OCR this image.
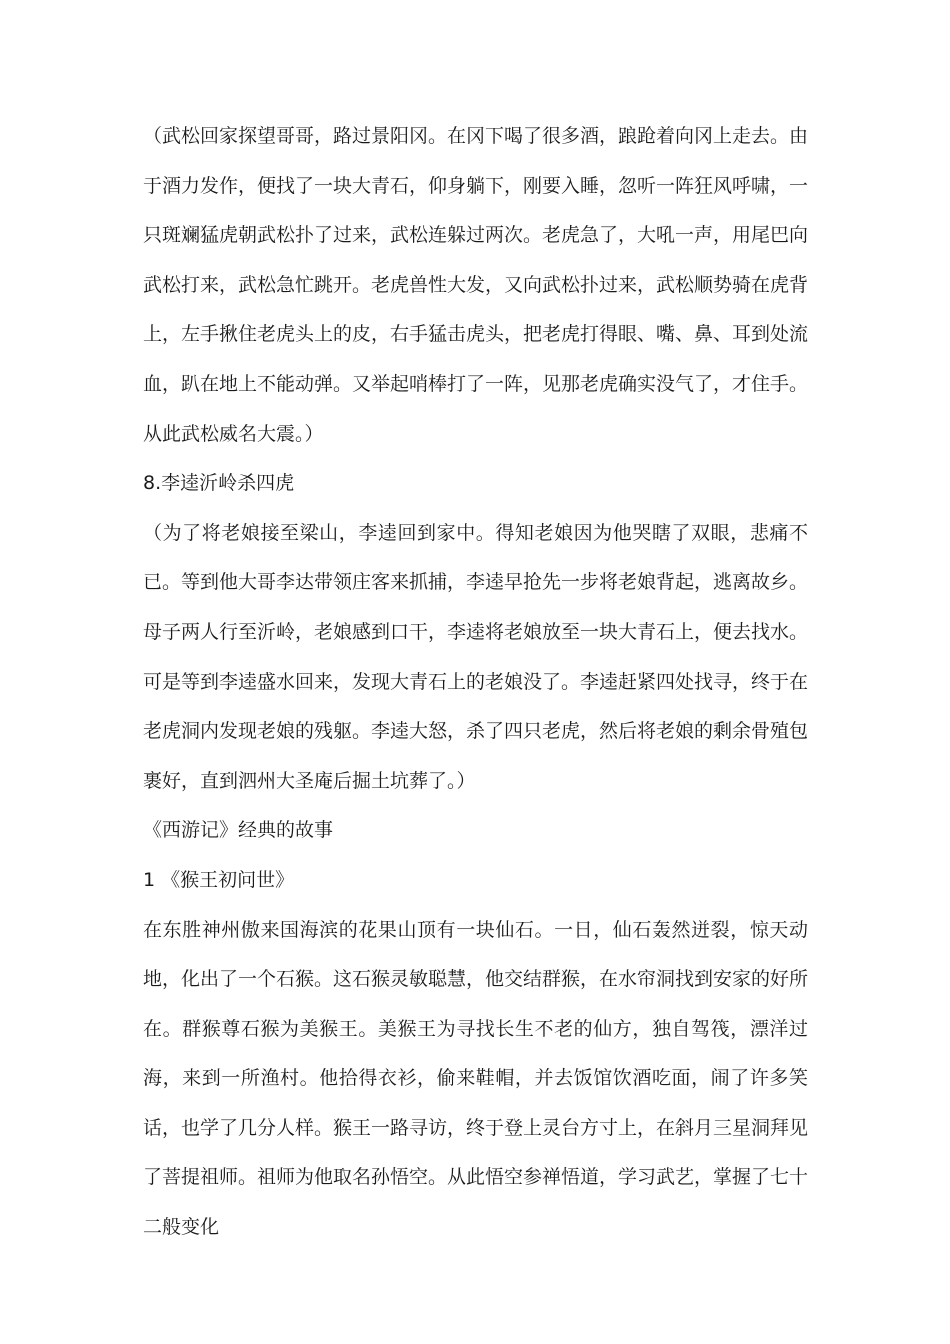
（武松回家探望哥哥，路过景阳冈。在冈下喝了很多酒，踉跄着向冈上走去。由于酒力发作，便找了一块大青石，仰身躺下，刚要入睡，忽听一阵狂风呼啸，一只斑斓猛虎朝武松扑了过来，武松连躲过两次。老虎急了，大吼一声，用尾巴向武松打来，武松急忙跳开。老虎兽性大发，又向武松扑过来，武松顺势骑在虎背上，左手揪住老虎头上的皮，右手猛击虎头，把老虎打得眼、嘴、鼻、耳到处流血，趴在地上不能动弹。又举起哨棒打了一阵，见那老虎确实没气了，才住手。从此武松威名大震。）

8.李逵沂岭杀四虎

（为了将老娘接至梁山，李逵回到家中。得知老娘因为他哭瞎了双眼，悲痛不已。等到他大哥李达带领庄客来抓捕，李逵早抢先一步将老娘背起，逃离故乡。母子两人行至沂岭，老娘感到口干，李逵将老娘放至一块大青石上，便去找水。可是等到李逵盛水回来，发现大青石上的老娘没了。李逵赶紧四处找寻，终于在老虎洞内发现老娘的残躯。李逵大怒，杀了四只老虎，然后将老娘的剩余骨殖包裹好，直到泗州大圣庵后掘土坑葬了。）

《西游记》经典的故事

1 《猴王初问世》

在东胜神州傲来国海滨的花果山顶有一块仙石。一日，仙石轰然迸裂，惊天动地，化出了一个石猴。这石猴灵敏聪慧，他交结群猴，在水帘洞找到安家的好所在。群猴尊石猴为美猴王。美猴王为寻找长生不老的仙方，独自驾筏，漂洋过海，来到一所渔村。他拾得衣衫，偷来鞋帽，并去饭馆饮酒吃面，闹了许多笑话，也学了几分人样。猴王一路寻访，终于登上灵台方寸上，在斜月三星洞拜见了菩提祖师。祖师为他取名孙悟空。从此悟空参禅悟道，学习武艺，掌握了七十二般变化
